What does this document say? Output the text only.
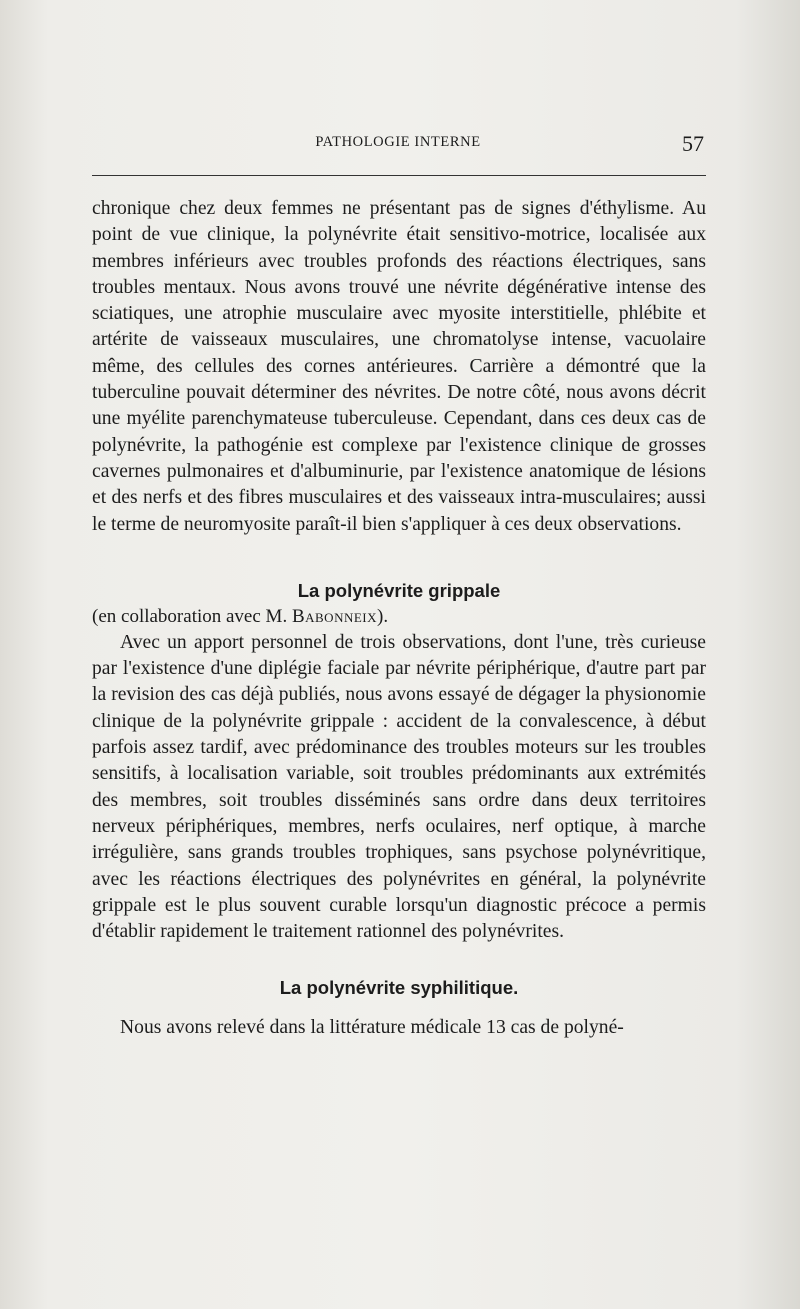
PATHOLOGIE INTERNE	57

chronique chez deux femmes ne présentant pas de signes d'éthylisme. Au point de vue clinique, la polynévrite était sensitivo-motrice, localisée aux membres inférieurs avec troubles profonds des réactions électriques, sans troubles mentaux. Nous avons trouvé une névrite dégénérative intense des sciatiques, une atrophie musculaire avec myosite interstitielle, phlébite et artérite de vaisseaux musculaires, une chromatolyse intense, vacuolaire même, des cellules des cornes antérieures. Carrière a démontré que la tuberculine pouvait déterminer des névrites. De notre côté, nous avons décrit une myélite parenchymateuse tuberculeuse. Cependant, dans ces deux cas de polynévrite, la pathogénie est complexe par l'existence clinique de grosses cavernes pulmonaires et d'albuminurie, par l'existence anatomique de lésions et des nerfs et des fibres musculaires et des vaisseaux intra-musculaires; aussi le terme de neuromyosite paraît-il bien s'appliquer à ces deux observations.

La polynévrite grippale

(en collaboration avec M. Babonneix).

Avec un apport personnel de trois observations, dont l'une, très curieuse par l'existence d'une diplégie faciale par névrite périphérique, d'autre part par la revision des cas déjà publiés, nous avons essayé de dégager la physionomie clinique de la polynévrite grippale : accident de la convalescence, à début parfois assez tardif, avec prédominance des troubles moteurs sur les troubles sensitifs, à localisation variable, soit troubles prédominants aux extrémités des membres, soit troubles disséminés sans ordre dans deux territoires nerveux périphériques, membres, nerfs oculaires, nerf optique, à marche irrégulière, sans grands troubles trophiques, sans psychose polynévritique, avec les réactions électriques des polynévrites en général, la polynévrite grippale est le plus souvent curable lorsqu'un diagnostic précoce a permis d'établir rapidement le traitement rationnel des polynévrites.

La polynévrite syphilitique.

Nous avons relevé dans la littérature médicale 13 cas de polyné-
